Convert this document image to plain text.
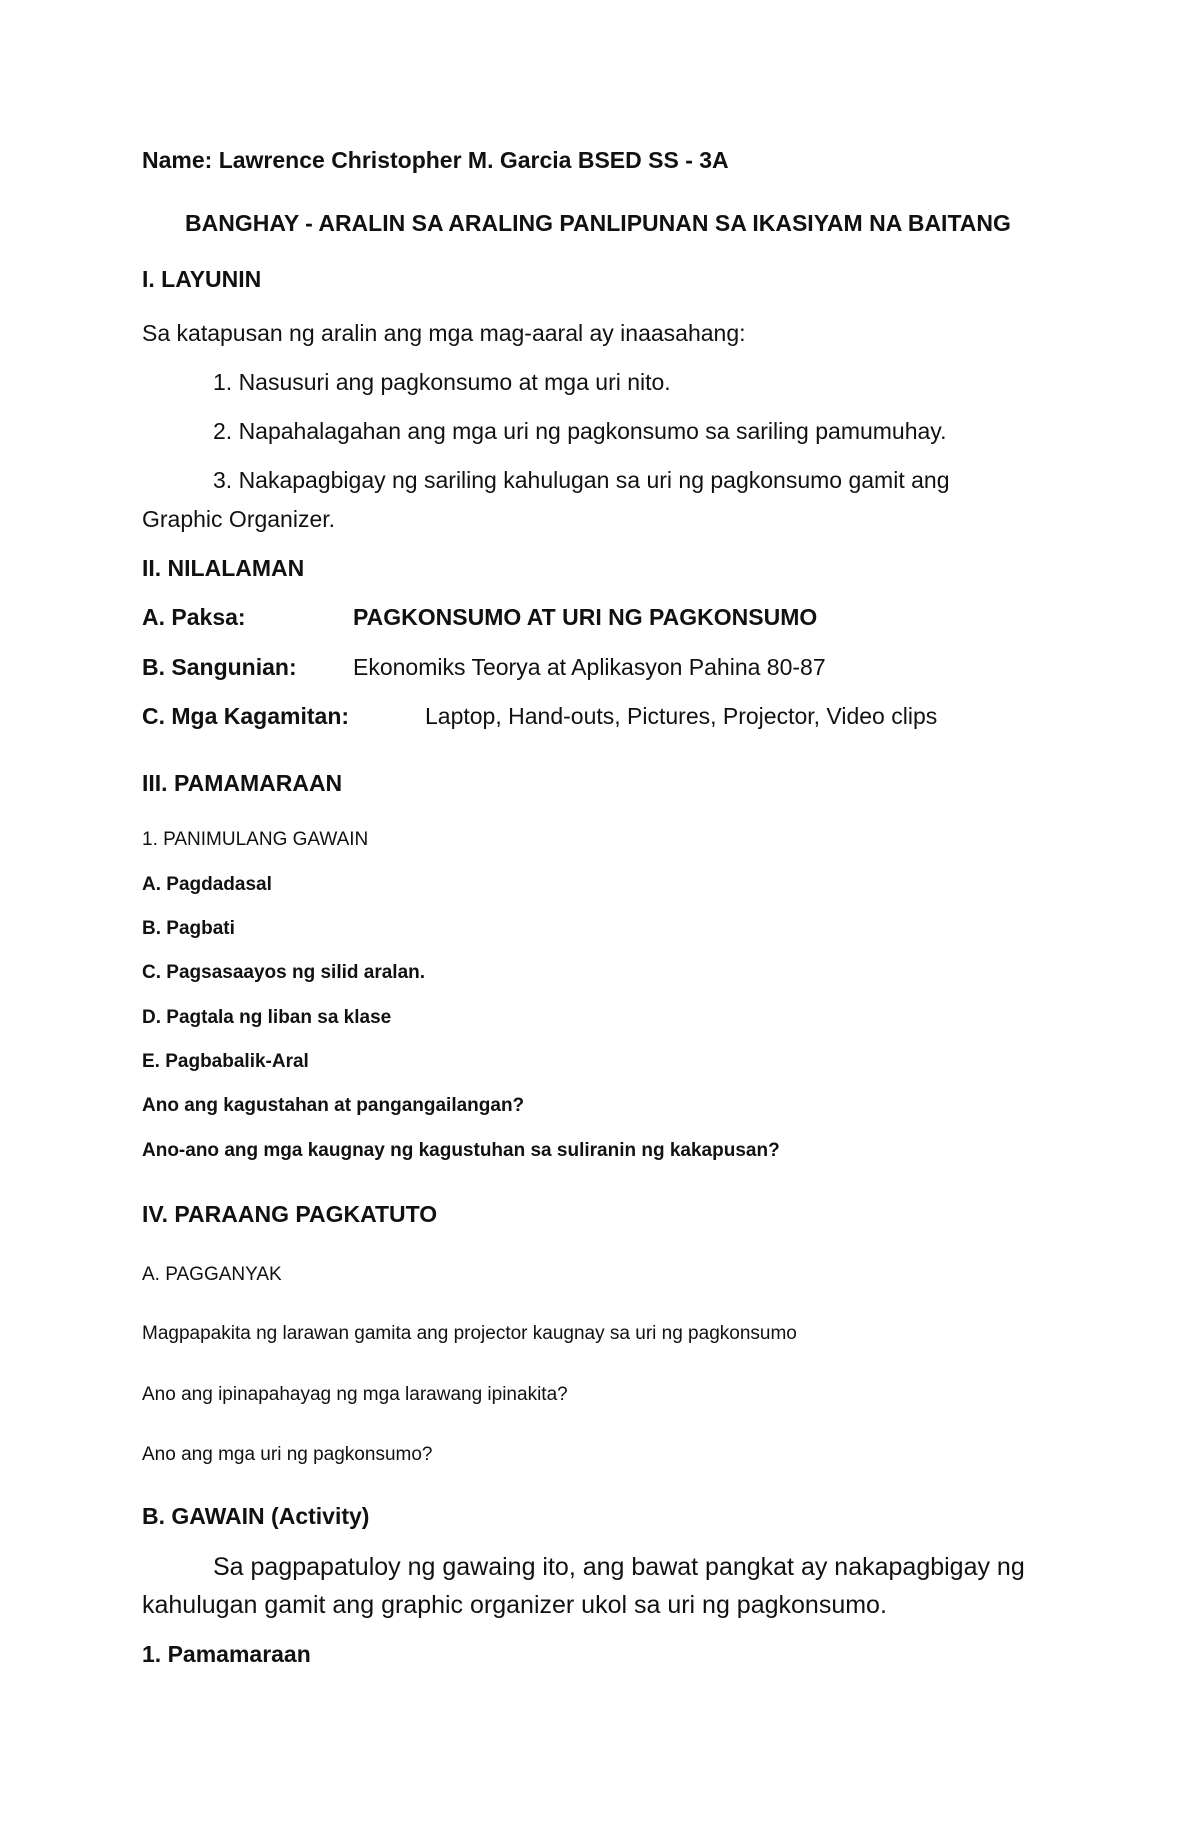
Name: Lawrence Christopher M. Garcia BSED SS - 3A
BANGHAY - ARALIN SA ARALING PANLIPUNAN SA IKASIYAM NA BAITANG
I. LAYUNIN
Sa katapusan ng aralin ang mga mag-aaral ay inaasahang:
1. Nasusuri ang pagkonsumo at mga uri nito.
2. Napahalagahan ang mga uri ng pagkonsumo sa sariling pamumuhay.
3. Nakapagbigay ng sariling kahulugan sa uri ng pagkonsumo gamit ang
Graphic Organizer.
II. NILALAMAN
A. Paksa:	PAGKONSUMO AT URI NG PAGKONSUMO
B. Sangunian: Ekonomiks Teorya at Aplikasyon Pahina 80-87
C. Mga Kagamitan:	Laptop, Hand-outs, Pictures, Projector, Video clips
III. PAMAMARAAN
1. PANIMULANG GAWAIN
A. Pagdadasal
B. Pagbati
C. Pagsasaayos ng silid aralan.
D. Pagtala ng liban sa klase
E. Pagbabalik-Aral
Ano ang kagustahan at pangangailangan?
Ano-ano ang mga kaugnay ng kagustuhan sa suliranin ng kakapusan?
IV. PARAANG PAGKATUTO
A. PAGGANYAK
Magpapakita ng larawan gamita ang projector kaugnay sa uri ng pagkonsumo
Ano ang ipinapahayag ng mga larawang ipinakita?
Ano ang mga uri ng pagkonsumo?
B. GAWAIN (Activity)
Sa pagpapatuloy ng gawaing ito, ang bawat pangkat ay nakapagbigay ng
kahulugan gamit ang graphic organizer ukol sa uri ng pagkonsumo.
1. Pamamaraan
